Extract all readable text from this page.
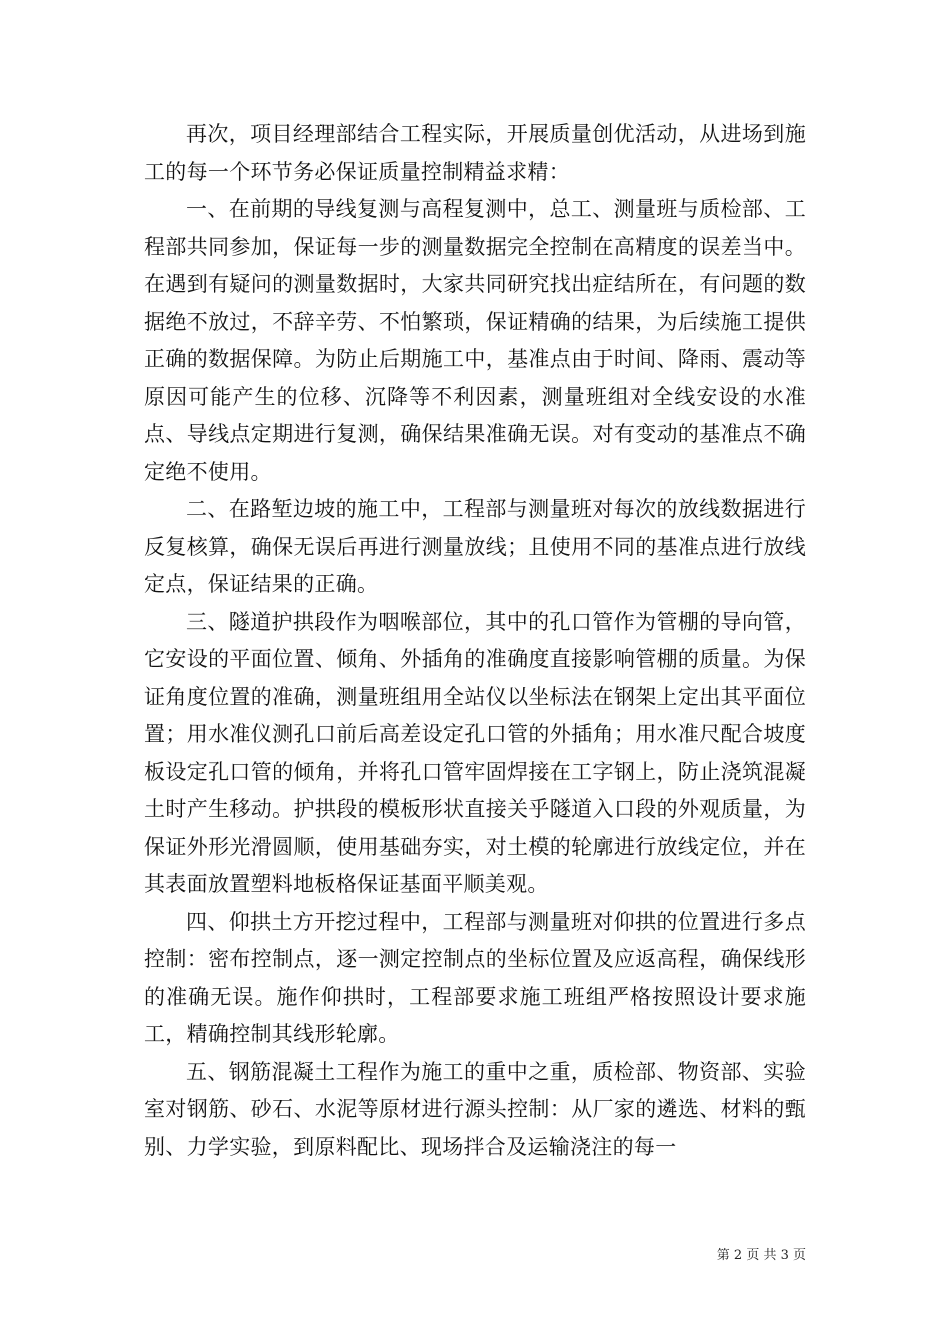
再次，项目经理部结合工程实际，开展质量创优活动，从进场到施工的每一个环节务必保证质量控制精益求精：

一、在前期的导线复测与高程复测中，总工、测量班与质检部、工程部共同参加，保证每一步的测量数据完全控制在高精度的误差当中。在遇到有疑问的测量数据时，大家共同研究找出症结所在，有问题的数据绝不放过，不辞辛劳、不怕繁琐，保证精确的结果，为后续施工提供正确的数据保障。为防止后期施工中，基准点由于时间、降雨、震动等原因可能产生的位移、沉降等不利因素，测量班组对全线安设的水准点、导线点定期进行复测，确保结果准确无误。对有变动的基准点不确定绝不使用。

二、在路堑边坡的施工中，工程部与测量班对每次的放线数据进行反复核算，确保无误后再进行测量放线；且使用不同的基准点进行放线定点，保证结果的正确。

三、隧道护拱段作为咽喉部位，其中的孔口管作为管棚的导向管，它安设的平面位置、倾角、外插角的准确度直接影响管棚的质量。为保证角度位置的准确，测量班组用全站仪以坐标法在钢架上定出其平面位置；用水准仪测孔口前后高差设定孔口管的外插角；用水准尺配合坡度板设定孔口管的倾角，并将孔口管牢固焊接在工字钢上，防止浇筑混凝土时产生移动。护拱段的模板形状直接关乎隧道入口段的外观质量，为保证外形光滑圆顺，使用基础夯实，对土模的轮廓进行放线定位，并在其表面放置塑料地板格保证基面平顺美观。

四、仰拱土方开挖过程中，工程部与测量班对仰拱的位置进行多点控制：密布控制点，逐一测定控制点的坐标位置及应返高程，确保线形的准确无误。施作仰拱时，工程部要求施工班组严格按照设计要求施工，精确控制其线形轮廓。

五、钢筋混凝土工程作为施工的重中之重，质检部、物资部、实验室对钢筋、砂石、水泥等原材进行源头控制：从厂家的遴选、材料的甄别、力学实验，到原料配比、现场拌合及运输浇注的每一

第 2 页 共 3 页
